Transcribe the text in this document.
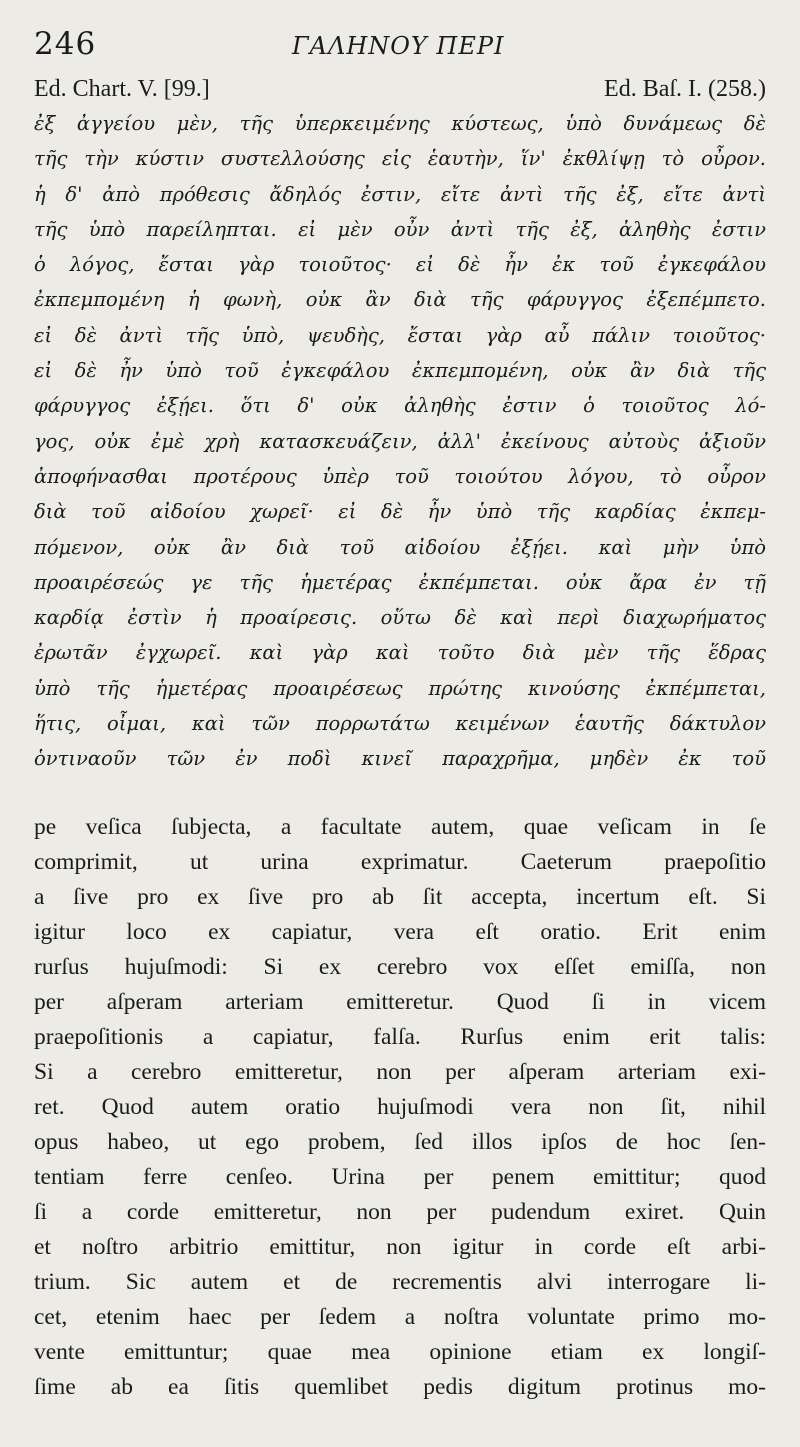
246	ΓΑΛΗΝΟΥ ΠΕΡΙ
Ed. Chart. V. [99.]	Ed. Baſ. I. (258.)
ἐξ ἀγγείου μὲν, τῆς ὑπερκειμένης κύστεως, ὑπὸ δυνάμεως δὲ
τῆς τὴν κύστιν συστελλούσης εἰς ἑαυτὴν, ἵν' ἐκθλίψῃ τὸ οὖρον.
ἡ δ' ἀπὸ πρόθεσις ἄδηλός ἐστιν, εἴτε ἀντὶ τῆς ἐξ, εἴτε ἀντὶ
τῆς ὑπὸ παρείληπται. εἰ μὲν οὖν ἀντὶ τῆς ἐξ, ἀληθὴς ἐστιν
ὁ λόγος, ἔσται γὰρ τοιοῦτος· εἰ δὲ ἦν ἐκ τοῦ ἐγκεφάλου
ἐκπεμπομένη ἡ φωνὴ, οὐκ ἂν διὰ τῆς φάρυγγος ἐξεπέμπετο.
εἰ δὲ ἀντὶ τῆς ὑπὸ, ψευδὴς, ἔσται γὰρ αὖ πάλιν τοιοῦτος·
εἰ δὲ ἦν ὑπὸ τοῦ ἐγκεφάλου ἐκπεμπομένη, οὐκ ἂν διὰ τῆς
φάρυγγος ἐξῄει. ὅτι δ' οὐκ ἀληθὴς ἐστιν ὁ τοιοῦτος λό-
γος, οὐκ ἐμὲ χρὴ κατασκευάζειν, ἀλλ' ἐκείνους αὐτοὺς ἀξιοῦν
ἀποφήνασθαι προτέρους ὑπὲρ τοῦ τοιούτου λόγου, τὸ οὖρον
διὰ τοῦ αἰδοίου χωρεῖ· εἰ δὲ ἦν ὑπὸ τῆς καρδίας ἐκπεμ-
πόμενον, οὐκ ἂν διὰ τοῦ αἰδοίου ἐξῄει. καὶ μὴν ὑπὸ
προαιρέσεώς γε τῆς ἡμετέρας ἐκπέμπεται. οὐκ ἄρα ἐν τῇ
καρδίᾳ ἐστὶν ἡ προαίρεσις. οὕτω δὲ καὶ περὶ διαχωρήματος
ἐρωτᾶν ἐγχωρεῖ. καὶ γὰρ καὶ τοῦτο διὰ μὲν τῆς ἕδρας
ὑπὸ τῆς ἡμετέρας προαιρέσεως πρώτης κινούσης ἐκπέμπεται,
ἥτις, οἶμαι, καὶ τῶν πορρωτάτω κειμένων ἑαυτῆς δάκτυλον
ὁντιναοῦν τῶν ἐν ποδὶ κινεῖ παραχρῆμα, μηδὲν ἐκ τοῦ
pe veſica ſubjecta, a facultate autem, quae veſicam in ſe
comprimit, ut urina exprimatur. Caeterum praepoſitio
a ſive pro ex ſive pro ab ſit accepta, incertum eſt. Si
igitur loco ex capiatur, vera eſt oratio. Erit enim
rurſus hujuſmodi: Si ex cerebro vox eſſet emiſſa, non
per aſperam arteriam emitteretur. Quod ſi in vicem
praepoſitionis a capiatur, falſa. Rurſus enim erit talis:
Si a cerebro emitteretur, non per aſperam arteriam exi-
ret. Quod autem oratio hujuſmodi vera non ſit, nihil
opus habeo, ut ego probem, ſed illos ipſos de hoc ſen-
tentiam ferre cenſeo. Urina per penem emittitur; quod
ſi a corde emitteretur, non per pudendum exiret. Quin
et noſtro arbitrio emittitur, non igitur in corde eſt arbi-
trium. Sic autem et de recrementis alvi interrogare li-
cet, etenim haec per ſedem a noſtra voluntate primo mo-
vente emittuntur; quae mea opinione etiam ex longiſ-
ſime ab ea ſitis quemlibet pedis digitum protinus mo-
